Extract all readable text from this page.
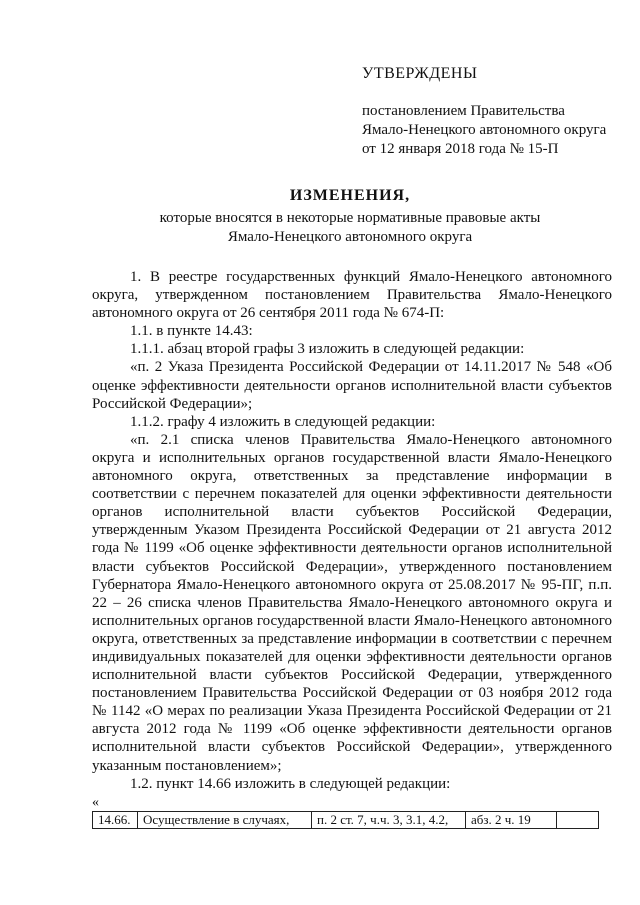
УТВЕРЖДЕНЫ
постановлением Правительства
Ямало-Ненецкого автономного округа
от 12 января 2018 года № 15-П
ИЗМЕНЕНИЯ,
которые вносятся в некоторые нормативные правовые акты
Ямало-Ненецкого автономного округа

1. В реестре государственных функций Ямало-Ненецкого автономного округа, утвержденном постановлением Правительства Ямало-Ненецкого автономного округа от 26 сентября 2011 года № 674-П:

1.1. в пункте 14.43:

1.1.1. абзац второй графы 3 изложить в следующей редакции:

«п. 2 Указа Президента Российской Федерации от 14.11.2017 № 548 «Об оценке эффективности деятельности органов исполнительной власти субъектов Российской Федерации»;

1.1.2. графу 4 изложить в следующей редакции:

«п. 2.1 списка членов Правительства Ямало-Ненецкого автономного округа и исполнительных органов государственной власти Ямало-Ненецкого автономного округа, ответственных за представление информации в соответствии с перечнем показателей для оценки эффективности деятельности органов исполнительной власти субъектов Российской Федерации, утвержденным Указом Президента Российской Федерации от 21 августа 2012 года № 1199 «Об оценке эффективности деятельности органов исполнительной власти субъектов Российской Федерации», утвержденного постановлением Губернатора Ямало-Ненецкого автономного округа от 25.08.2017 № 95-ПГ, п.п. 22 – 26 списка членов Правительства Ямало-Ненецкого автономного округа и исполнительных органов государственной власти Ямало-Ненецкого автономного округа, ответственных за представление информации в соответствии с перечнем индивидуальных показателей для оценки эффективности деятельности органов исполнительной власти субъектов Российской Федерации, утвержденного постановлением Правительства Российской Федерации от 03 ноября 2012 года № 1142 «О мерах по реализации Указа Президента Российской Федерации от 21 августа 2012 года № 1199 «Об оценке эффективности деятельности органов исполнительной власти субъектов Российской Федерации», утвержденного указанным постановлением»;

1.2. пункт 14.66 изложить в следующей редакции:

«
14.66. Осуществление в случаях,	п. 2 ст. 7, ч.ч. 3, 3.1, 4.2,	абз. 2 ч. 19
